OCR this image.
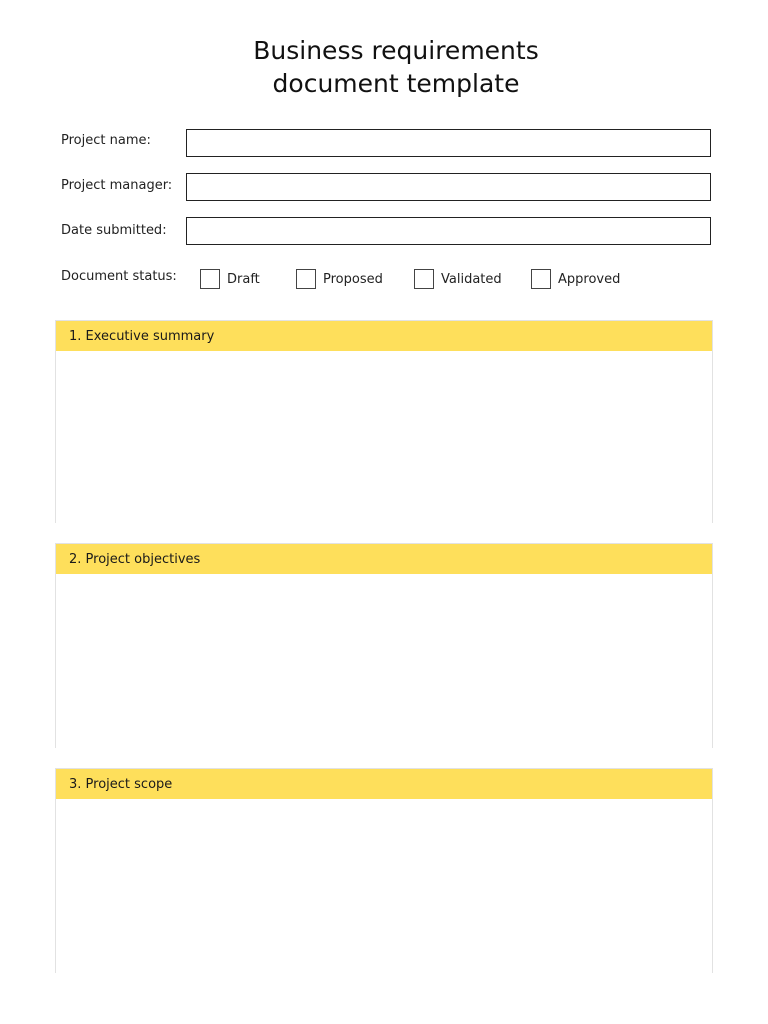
Business requirements
document template
Project name:
Project manager:
Date submitted:
Document status:	Draft	Proposed	Validated	Approved
1. Executive summary
2. Project objectives
3. Project scope
